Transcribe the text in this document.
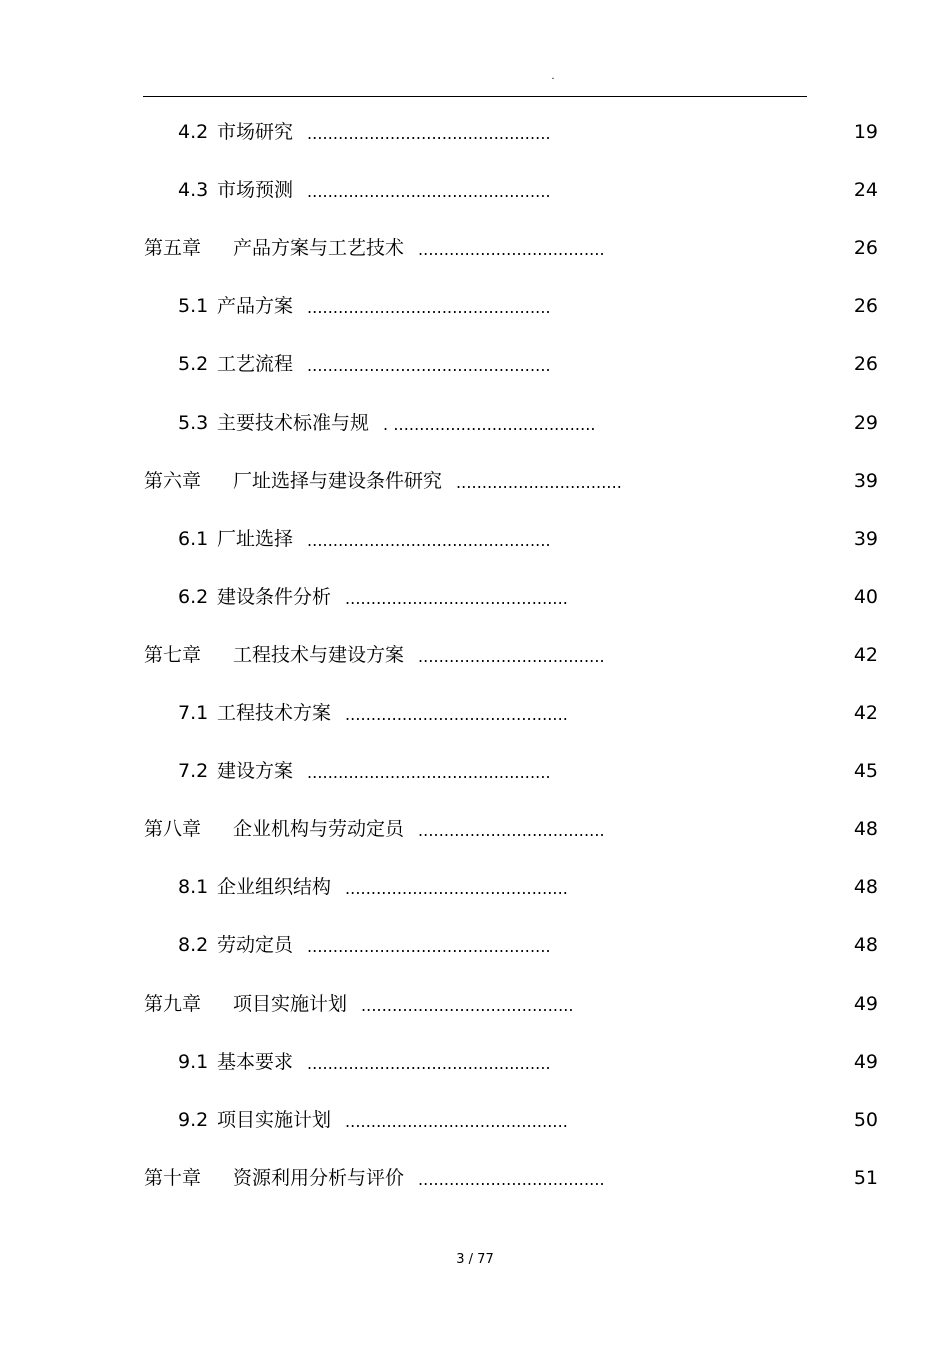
.
4.2 市场研究 ...............................................	19
4.3 市场预测 ...............................................	24
第五章 产品方案与工艺技术 ....................................	26
5.1 产品方案 ...............................................	26
5.2 工艺流程 ...............................................	26
5.3 主要技术标准与规 . .......................................	29
第六章 厂址选择与建设条件研究 ................................	39
6.1 厂址选择 ...............................................	39
6.2 建设条件分析 ...........................................	40
第七章 工程技术与建设方案 ....................................	42
7.1 工程技术方案 ...........................................	42
7.2 建设方案 ...............................................	45
第八章 企业机构与劳动定员 ....................................	48
8.1 企业组织结构 ...........................................	48
8.2 劳动定员 ...............................................	48
第九章 项目实施计划 .........................................	49
9.1 基本要求 ...............................................	49
9.2 项目实施计划 ...........................................	50
第十章 资源利用分析与评价 ....................................	51
3 / 77
